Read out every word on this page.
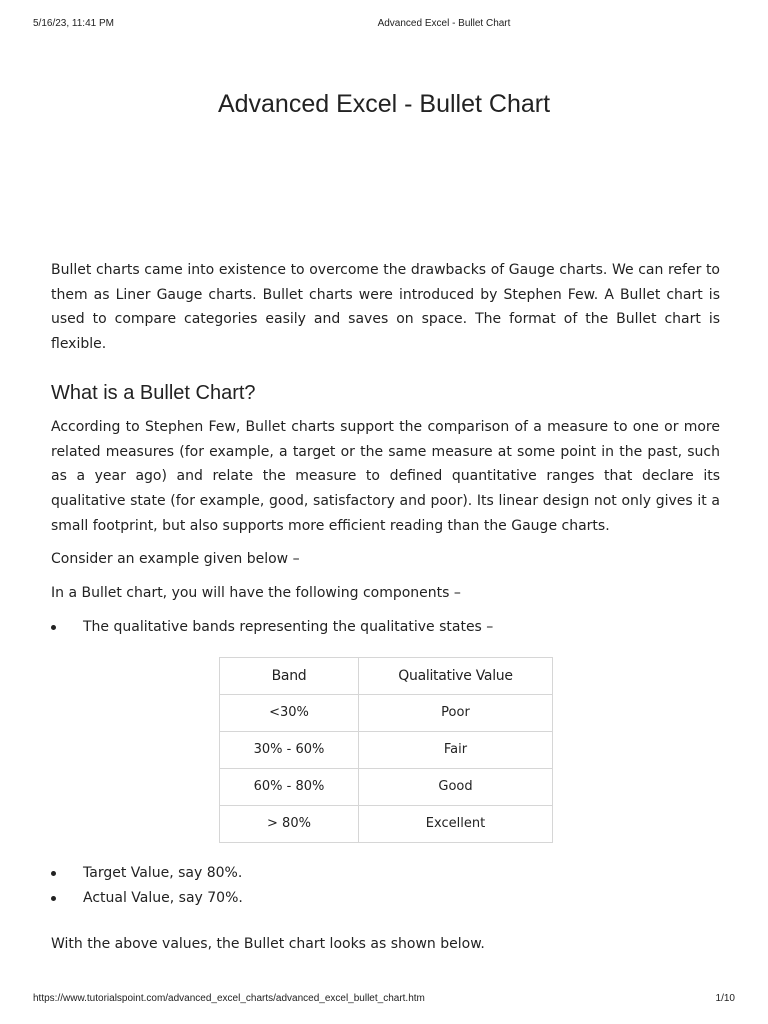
5/16/23, 11:41 PM	Advanced Excel - Bullet Chart
Advanced Excel - Bullet Chart

Bullet charts came into existence to overcome the drawbacks of Gauge charts. We can refer to them as Liner Gauge charts. Bullet charts were introduced by Stephen Few. A Bullet chart is used to compare categories easily and saves on space. The format of the Bullet chart is flexible.

What is a Bullet Chart?

According to Stephen Few, Bullet charts support the comparison of a measure to one or more related measures (for example, a target or the same measure at some point in the past, such as a year ago) and relate the measure to defined quantitative ranges that declare its qualitative state (for example, good, satisfactory and poor). Its linear design not only gives it a small footprint, but also supports more efficient reading than the Gauge charts.

Consider an example given below –

In a Bullet chart, you will have the following components –

The qualitative bands representing the qualitative states –
Band	Qualitative Value
<30%	Poor
30% - 60%	Fair
60% - 80%	Good
> 80%	Excellent
Target Value, say 80%.
Actual Value, say 70%.

With the above values, the Bullet chart looks as shown below.

https://www.tutorialspoint.com/advanced_excel_charts/advanced_excel_bullet_chart.htm	1/10
